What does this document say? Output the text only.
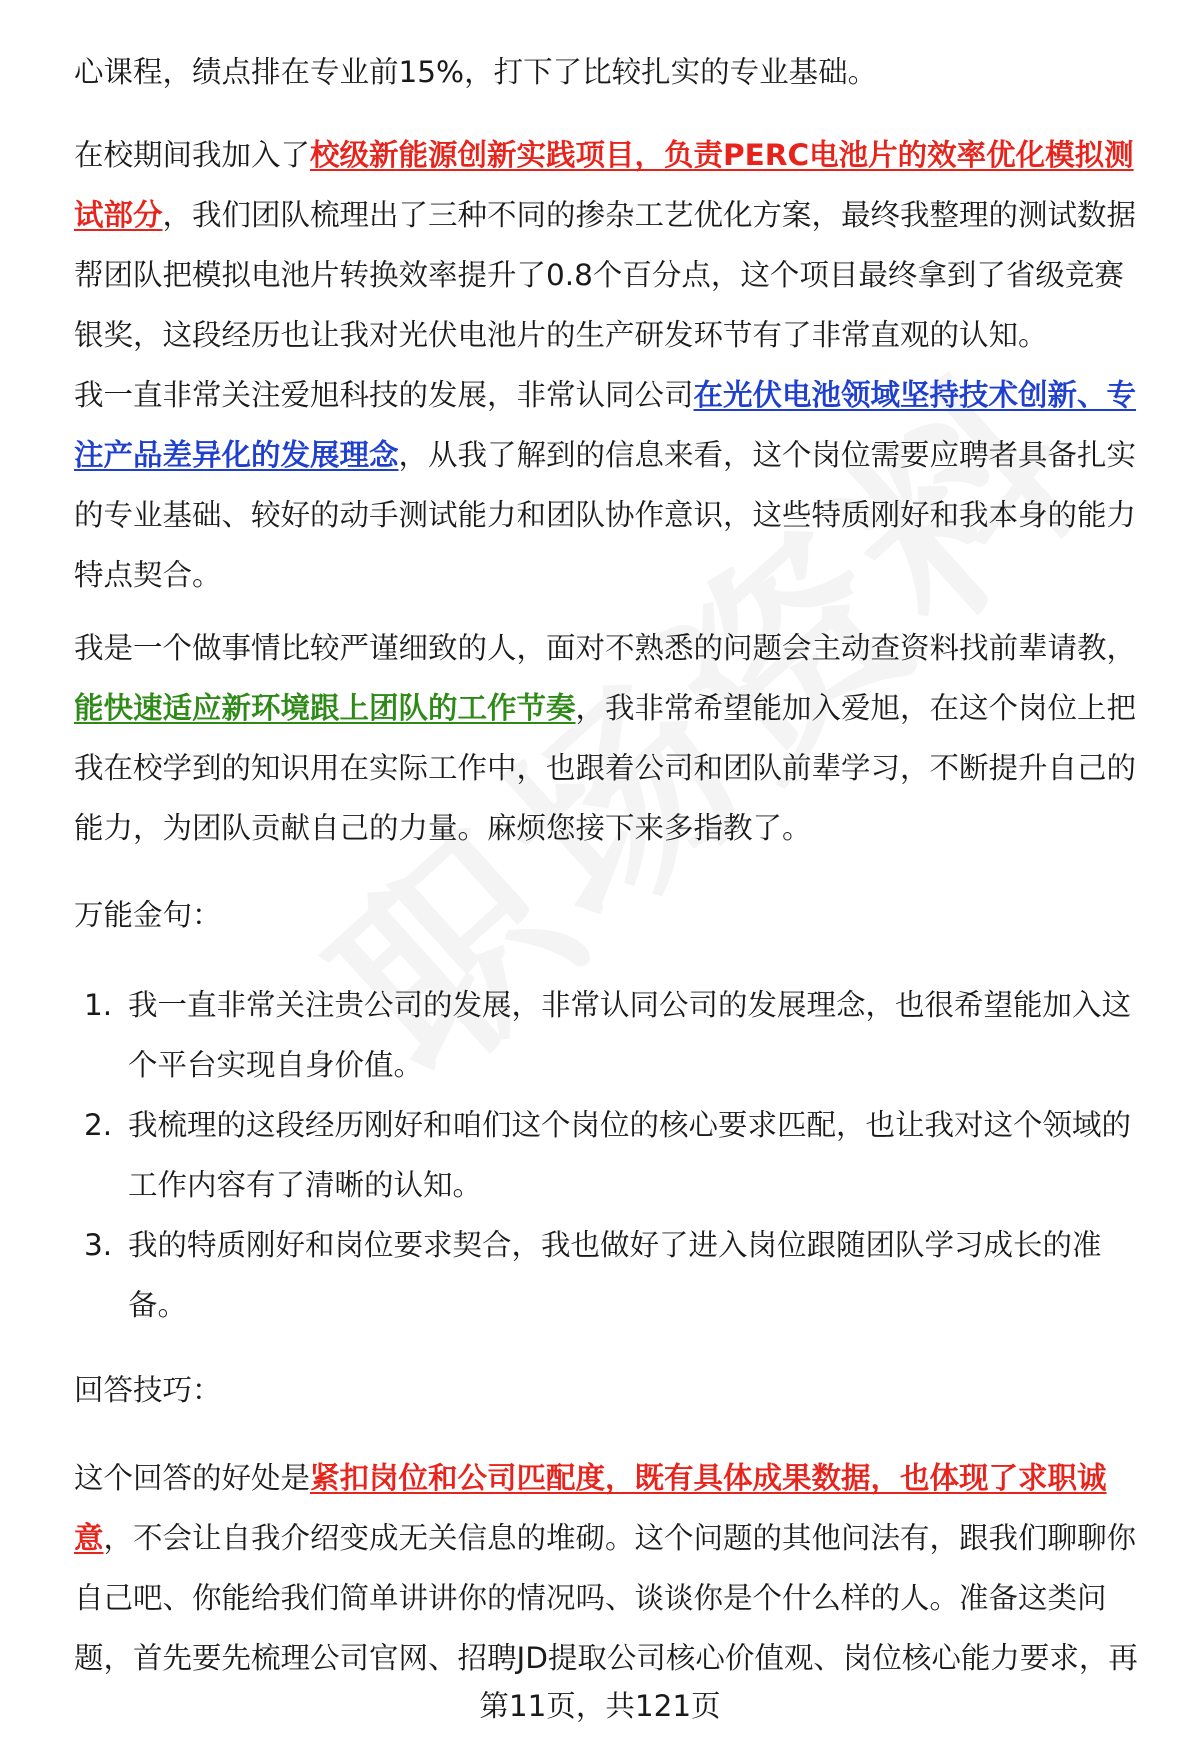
心课程，绩点排在专业前15%，打下了比较扎实的专业基础。

在校期间我加入了校级新能源创新实践项目，负责PERC电池片的效率优化模拟测试部分，我们团队梳理出了三种不同的掺杂工艺优化方案，最终我整理的测试数据帮团队把模拟电池片转换效率提升了0.8个百分点，这个项目最终拿到了省级竞赛银奖，这段经历也让我对光伏电池片的生产研发环节有了非常直观的认知。

我一直非常关注爱旭科技的发展，非常认同公司在光伏电池领域坚持技术创新、专注产品差异化的发展理念，从我了解到的信息来看，这个岗位需要应聘者具备扎实的专业基础、较好的动手测试能力和团队协作意识，这些特质刚好和我本身的能力特点契合。

我是一个做事情比较严谨细致的人，面对不熟悉的问题会主动查资料找前辈请教，能快速适应新环境跟上团队的工作节奏，我非常希望能加入爱旭，在这个岗位上把我在校学到的知识用在实际工作中，也跟着公司和团队前辈学习，不断提升自己的能力，为团队贡献自己的力量。麻烦您接下来多指教了。

万能金句：

1. 我一直非常关注贵公司的发展，非常认同公司的发展理念，也很希望能加入这个平台实现自身价值。
2. 我梳理的这段经历刚好和咱们这个岗位的核心要求匹配，也让我对这个领域的工作内容有了清晰的认知。
3. 我的特质刚好和岗位要求契合，我也做好了进入岗位跟随团队学习成长的准备。

回答技巧：

这个回答的好处是紧扣岗位和公司匹配度，既有具体成果数据，也体现了求职诚意，不会让自我介绍变成无关信息的堆砌。这个问题的其他问法有，跟我们聊聊你自己吧、你能给我们简单讲讲你的情况吗、谈谈你是个什么样的人。准备这类问题，首先要先梳理公司官网、招聘JD提取公司核心价值观、岗位核心能力要求，再

第11页，共121页
